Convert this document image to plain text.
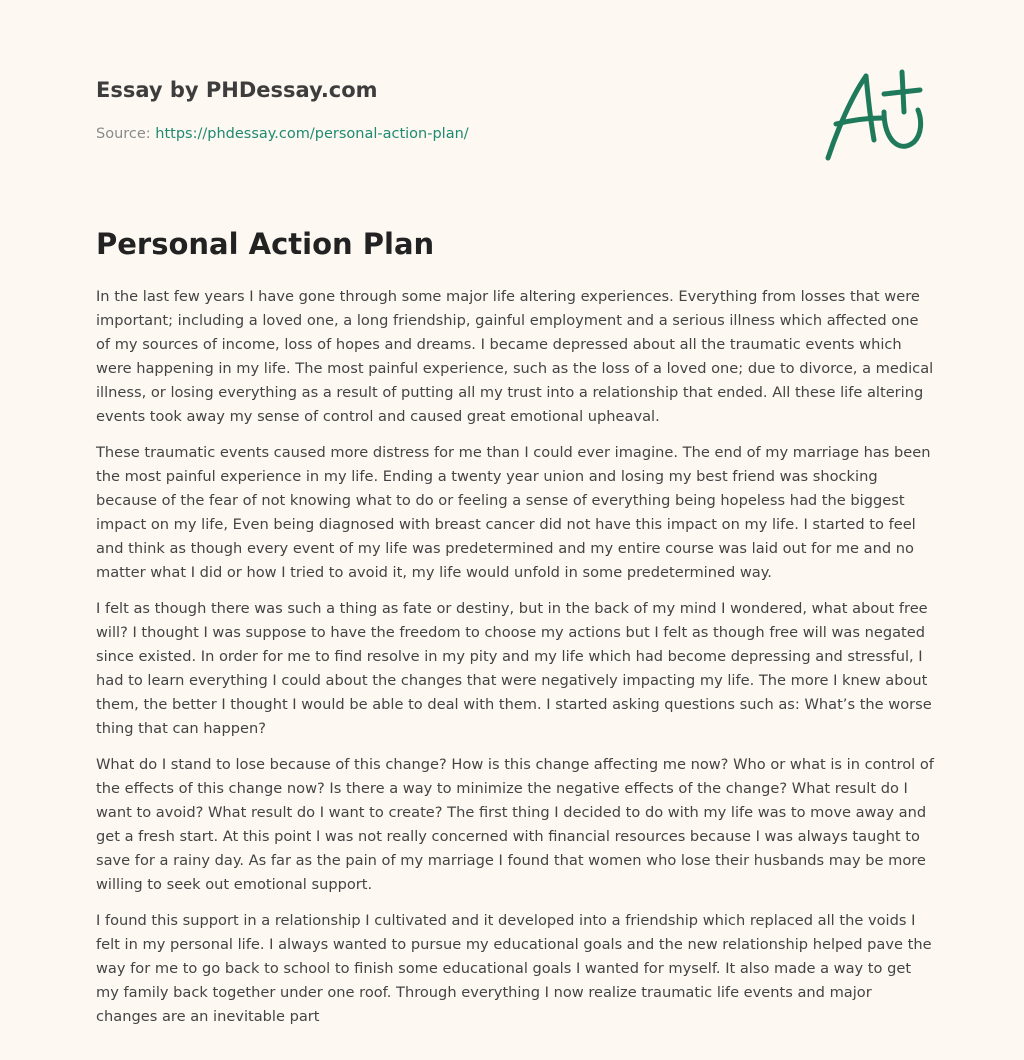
Essay by PHDessay.com
Source: https://phdessay.com/personal-action-plan/
Personal Action Plan

In the last few years I have gone through some major life altering experiences. Everything from losses that were important; including a loved one, a long friendship, gainful employment and a serious illness which affected one of my sources of income, loss of hopes and dreams. I became depressed about all the traumatic events which were happening in my life. The most painful experience, such as the loss of a loved one; due to divorce, a medical illness, or losing everything as a result of putting all my trust into a relationship that ended. All these life altering events took away my sense of control and caused great emotional upheaval.

These traumatic events caused more distress for me than I could ever imagine. The end of my marriage has been the most painful experience in my life. Ending a twenty year union and losing my best friend was shocking because of the fear of not knowing what to do or feeling a sense of everything being hopeless had the biggest impact on my life, Even being diagnosed with breast cancer did not have this impact on my life. I started to feel and think as though every event of my life was predetermined and my entire course was laid out for me and no matter what I did or how I tried to avoid it, my life would unfold in some predetermined way.

I felt as though there was such a thing as fate or destiny, but in the back of my mind I wondered, what about free will? I thought I was suppose to have the freedom to choose my actions but I felt as though free will was negated since existed. In order for me to find resolve in my pity and my life which had become depressing and stressful, I had to learn everything I could about the changes that were negatively impacting my life. The more I knew about them, the better I thought I would be able to deal with them. I started asking questions such as: What’s the worse thing that can happen?

What do I stand to lose because of this change? How is this change affecting me now? Who or what is in control of the effects of this change now? Is there a way to minimize the negative effects of the change? What result do I want to avoid? What result do I want to create? The first thing I decided to do with my life was to move away and get a fresh start. At this point I was not really concerned with financial resources because I was always taught to save for a rainy day. As far as the pain of my marriage I found that women who lose their husbands may be more willing to seek out emotional support.

I found this support in a relationship I cultivated and it developed into a friendship which replaced all the voids I felt in my personal life. I always wanted to pursue my educational goals and the new relationship helped pave the way for me to go back to school to finish some educational goals I wanted for myself. It also made a way to get my family back together under one roof. Through everything I now realize traumatic life events and major changes are an inevitable part
